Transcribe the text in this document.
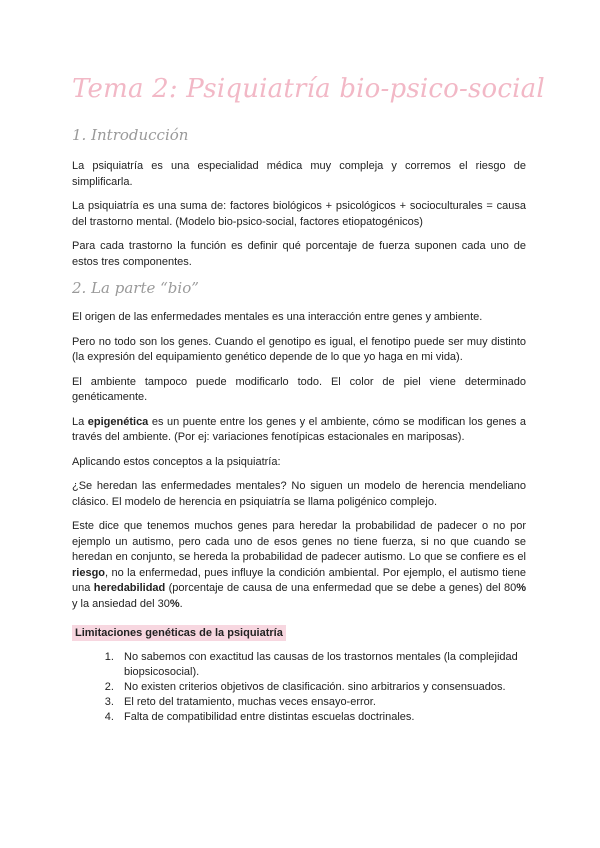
Tema 2: Psiquiatría bio-psico-social
1. Introducción

La psiquiatría es una especialidad médica muy compleja y corremos el riesgo de simplificarla.

La psiquiatría es una suma de: factores biológicos + psicológicos + socioculturales = causa del trastorno mental. (Modelo bio-psico-social, factores etiopatogénicos)

Para cada trastorno la función es definir qué porcentaje de fuerza suponen cada uno de estos tres componentes.

2. La parte “bio”

El origen de las enfermedades mentales es una interacción entre genes y ambiente.

Pero no todo son los genes. Cuando el genotipo es igual, el fenotipo puede ser muy distinto (la expresión del equipamiento genético depende de lo que yo haga en mi vida).

El ambiente tampoco puede modificarlo todo. El color de piel viene determinado genéticamente.

La epigenética es un puente entre los genes y el ambiente, cómo se modifican los genes a través del ambiente. (Por ej: variaciones fenotípicas estacionales en mariposas).

Aplicando estos conceptos a la psiquiatría:

¿Se heredan las enfermedades mentales? No siguen un modelo de herencia mendeliano clásico. El modelo de herencia en psiquiatría se llama poligénico complejo.

Este dice que tenemos muchos genes para heredar la probabilidad de padecer o no por ejemplo un autismo, pero cada uno de esos genes no tiene fuerza, si no que cuando se heredan en conjunto, se hereda la probabilidad de padecer autismo. Lo que se confiere es el riesgo, no la enfermedad, pues influye la condición ambiental. Por ejemplo, el autismo tiene una heredabilidad (porcentaje de causa de una enfermedad que se debe a genes) del 80% y la ansiedad del 30%.

Limitaciones genéticas de la psiquiatría
1. No sabemos con exactitud las causas de los trastornos mentales (la complejidad biopsicosocial).
2. No existen criterios objetivos de clasificación. sino arbitrarios y consensuados.
3. El reto del tratamiento, muchas veces ensayo-error.
4. Falta de compatibilidad entre distintas escuelas doctrinales.
